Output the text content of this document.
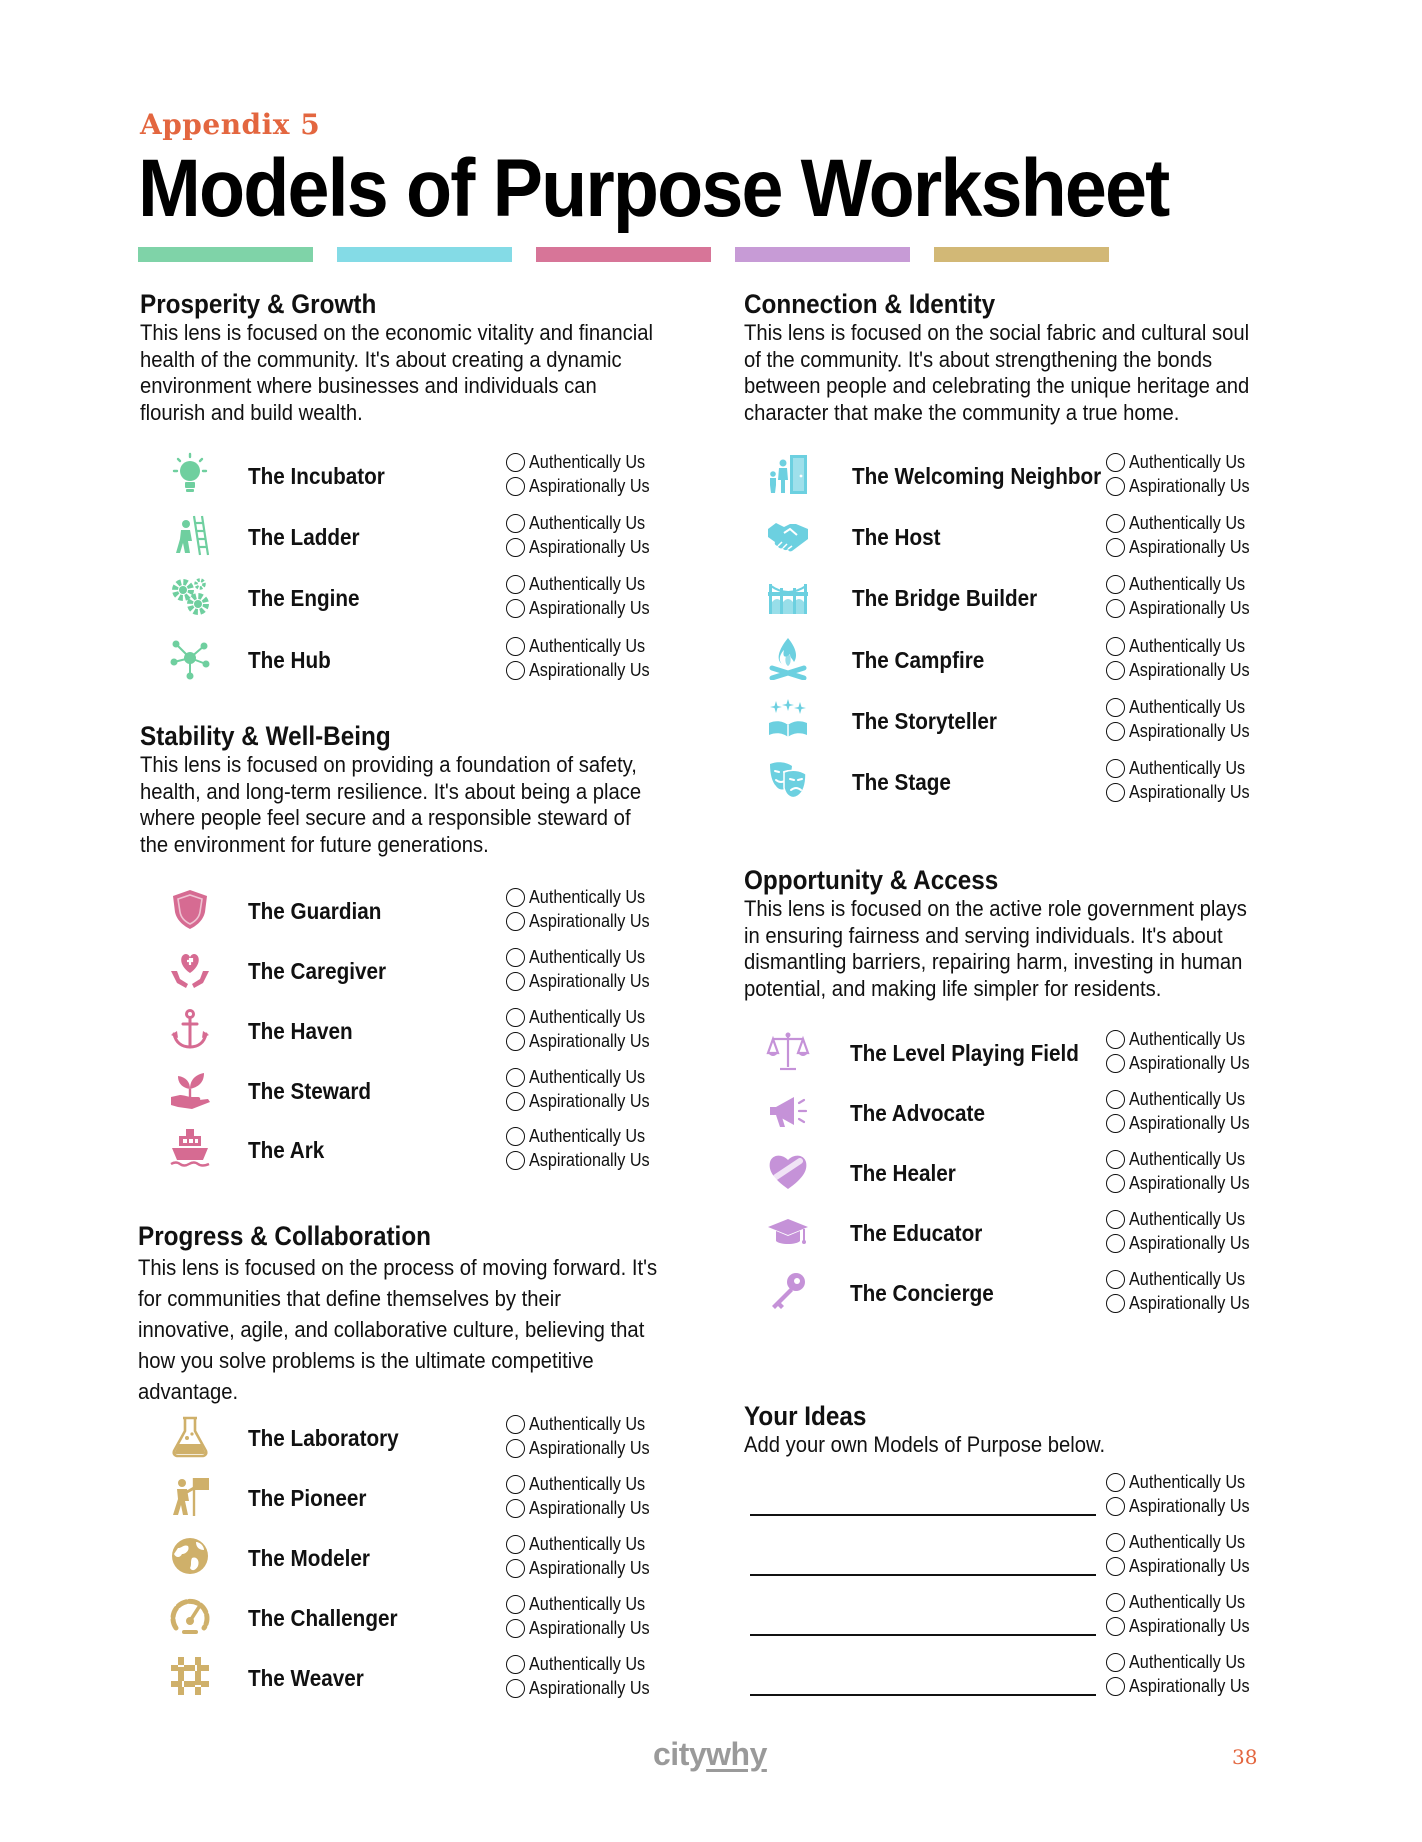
Appendix 5
Models of Purpose Worksheet
Prosperity & Growth
This lens is focused on the economic vitality and financial health of the community. It's about creating a dynamic environment where businesses and individuals can flourish and build wealth.
Stability & Well-Being
This lens is focused on providing a foundation of safety, health, and long-term resilience. It's about being a place where people feel secure and a responsible steward of the environment for future generations.
Progress & Collaboration
This lens is focused on the process of moving forward. It's for communities that define themselves by their innovative, agile, and collaborative culture, believing that how you solve problems is the ultimate competitive advantage.
Connection & Identity
This lens is focused on the social fabric and cultural soul of the community. It's about strengthening the bonds between people and celebrating the unique heritage and character that make the community a true home.
Opportunity & Access
This lens is focused on the active role government plays in ensuring fairness and serving individuals. It's about dismantling barriers, repairing harm, investing in human potential, and making life simpler for residents.
Your Ideas
Add your own Models of Purpose below.
The Incubator
Authentically Us
Aspirationally Us
The Ladder
Authentically Us
Aspirationally Us
The Engine
Authentically Us
Aspirationally Us
The Hub
Authentically Us
Aspirationally Us
The Guardian
Authentically Us
Aspirationally Us
The Caregiver
Authentically Us
Aspirationally Us
The Haven
Authentically Us
Aspirationally Us
The Steward
Authentically Us
Aspirationally Us
The Ark
Authentically Us
Aspirationally Us
The Laboratory
Authentically Us
Aspirationally Us
The Pioneer
Authentically Us
Aspirationally Us
The Modeler
Authentically Us
Aspirationally Us
The Challenger
Authentically Us
Aspirationally Us
The Weaver
Authentically Us
Aspirationally Us
The Welcoming Neighbor
Authentically Us
Aspirationally Us
The Host
Authentically Us
Aspirationally Us
The Bridge Builder
Authentically Us
Aspirationally Us
The Campfire
Authentically Us
Aspirationally Us
The Storyteller
Authentically Us
Aspirationally Us
The Stage
Authentically Us
Aspirationally Us
The Level Playing Field
Authentically Us
Aspirationally Us
The Advocate
Authentically Us
Aspirationally Us
The Healer
Authentically Us
Aspirationally Us
The Educator
Authentically Us
Aspirationally Us
The Concierge
Authentically Us
Aspirationally Us
Authentically Us
Aspirationally Us
Authentically Us
Aspirationally Us
Authentically Us
Aspirationally Us
Authentically Us
Aspirationally Us
citywhy	38
